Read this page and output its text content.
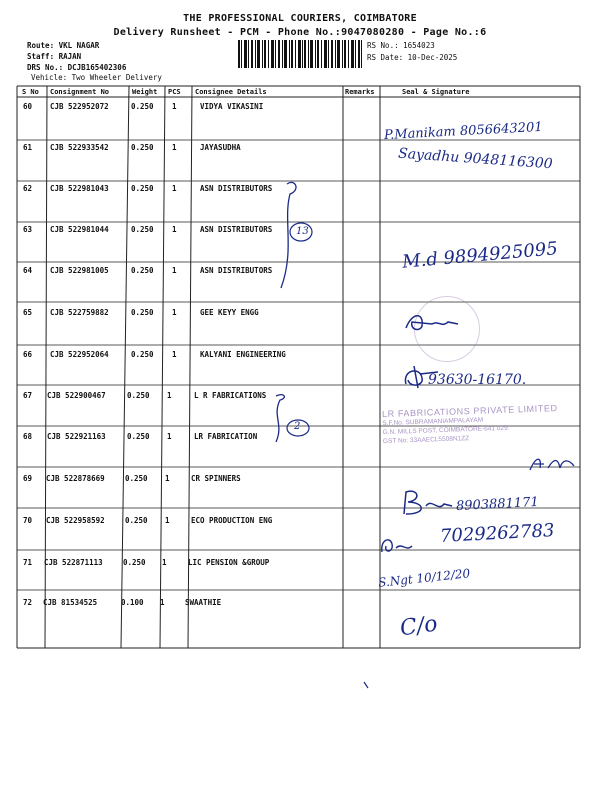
THE PROFESSIONAL COURIERS, COIMBATORE
Delivery Runsheet - PCM - Phone No.:9047080280 - Page No.:6
Route: VKL NAGAR
Staff: RAJAN
DRS No.: DCJB165402306
Vehicle: Two Wheeler Delivery
RS No.: 1654023
RS Date: 10-Dec-2025
S No Consignment No	Weight PCS Consignee Details	Remarks	Seal & Signature
60 CJB 522952072	0.250 1	VIDYA VIKASINI
61 CJB 522933542	0.250 1	JAYASUDHA
62 CJB 522981043	0.250 1	ASN DISTRIBUTORS
63 CJB 522981044	0.250 1	ASN DISTRIBUTORS
64 CJB 522981005	0.250 1	ASN DISTRIBUTORS
65 CJB 522759882	0.250 1	GEE KEYY ENGG
66 CJB 522952064	0.250 1	KALYANI ENGINEERING
67 CJB 522900467	0.250 1	L R FABRICATIONS
68 CJB 522921163	0.250 1	LR FABRICATION
69 CJB 522878669	0.250 1	CR SPINNERS
70 CJB 522958592	0.250 1	ECO PRODUCTION ENG
71 CJB 522871113	0.250 1	LIC PENSION &GROUP
72 CJB 81534525	0.100 1	SWAATHIE
P.Manikam 8056643201
Sayadhu 9048116300
13
M.d 9894925095
93630-16170.
2
LR FABRICATIONS PRIVATE LIMITED
S.F.No. SUBRAMANIAMPALAYAM
G.N. MILLS POST, COIMBATORE-641 029.
GST No: 33AAECL5508N1ZZ
8903881171
7029262783
S.Ngt 10/12/20
C/o
